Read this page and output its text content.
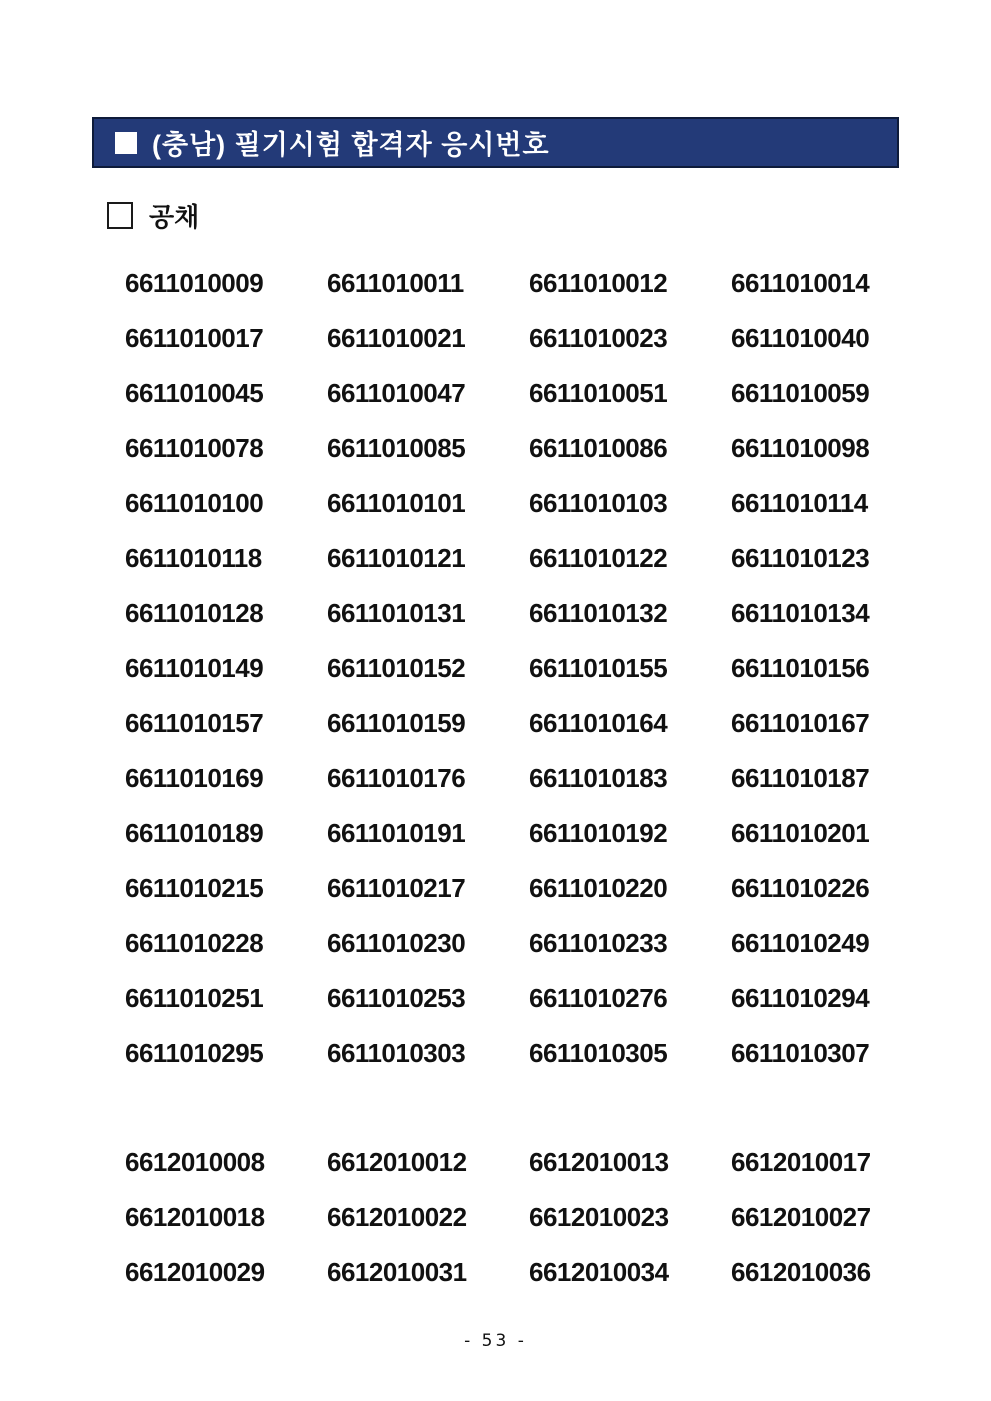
(충남) 필기시험 합격자 응시번호
공채
6611010009	6611010011	6611010012	6611010014
6611010017	6611010021	6611010023	6611010040
6611010045	6611010047	6611010051	6611010059
6611010078	6611010085	6611010086	6611010098
6611010100	6611010101	6611010103	6611010114
6611010118	6611010121	6611010122	6611010123
6611010128	6611010131	6611010132	6611010134
6611010149	6611010152	6611010155	6611010156
6611010157	6611010159	6611010164	6611010167
6611010169	6611010176	6611010183	6611010187
6611010189	6611010191	6611010192	6611010201
6611010215	6611010217	6611010220	6611010226
6611010228	6611010230	6611010233	6611010249
6611010251	6611010253	6611010276	6611010294
6611010295	6611010303	6611010305	6611010307
6612010008	6612010012	6612010013	6612010017
6612010018	6612010022	6612010023	6612010027
6612010029	6612010031	6612010034	6612010036
- 53 -
